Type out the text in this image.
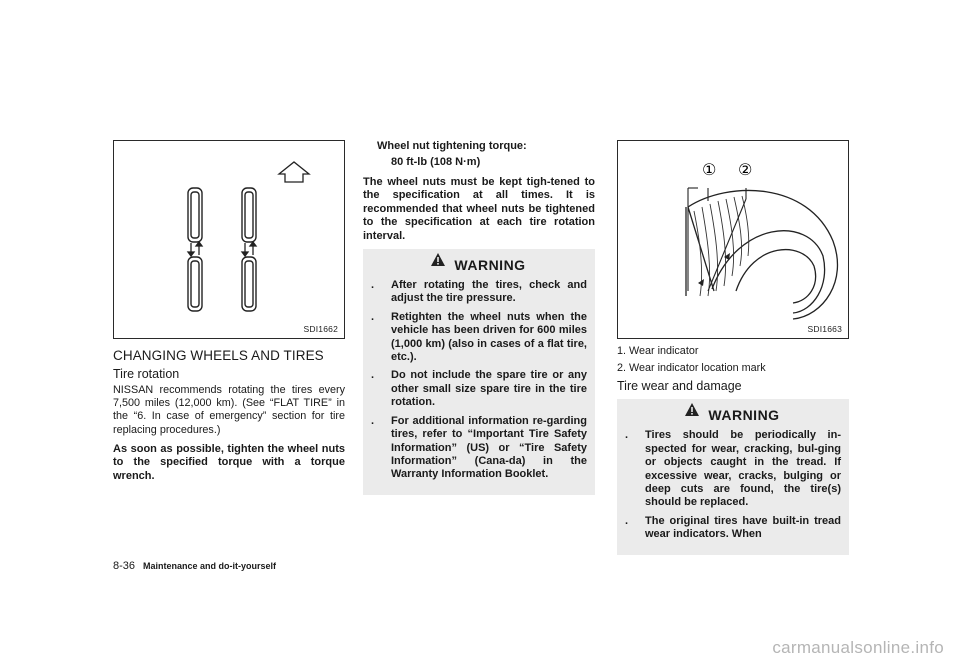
SDI1662
CHANGING WHEELS AND TIRES
Tire rotation

NISSAN recommends rotating the tires every 7,500 miles (12,000 km). (See “FLAT TIRE” in the “6. In case of emergency” section for tire replacing procedures.)

As soon as possible, tighten the wheel nuts to the specified torque with a torque wrench.

Wheel nut tightening torque:
80 ft-lb (108 N·m)

The wheel nuts must be kept tigh-tened to the specification at all times. It is recommended that wheel nuts be tightened to the specification at each tire rotation interval.

WARNING
. After rotating the tires, check and adjust the tire pressure.
. Retighten the wheel nuts when the vehicle has been driven for 600 miles (1,000 km) (also in cases of a flat tire, etc.).
. Do not include the spare tire or any other small size spare tire in the tire rotation.
. For additional information re-garding tires, refer to “Important Tire Safety Information” (US) or “Tire Safety Information” (Cana-da) in the Warranty Information Booklet.
① ②
SDI1663
1. Wear indicator
2. Wear indicator location mark
Tire wear and damage
WARNING
. Tires should be periodically in-spected for wear, cracking, bul-ging or objects caught in the tread. If excessive wear, cracks, bulging or deep cuts are found, the tire(s) should be replaced.
. The original tires have built-in tread wear indicators. When
8-36 Maintenance and do-it-yourself
carmanualsonline.info
